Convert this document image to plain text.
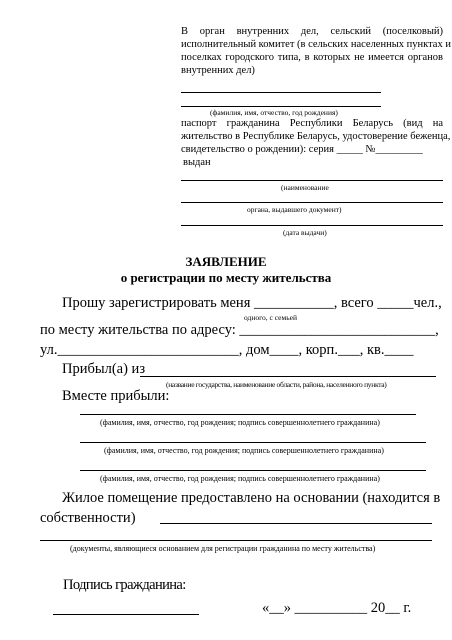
В орган внутренних дел, сельский (поселковый)
исполнительный комитет (в сельских населенных пунктах и
поселках городского типа, в которых не имеется органов
внутренних дел)
(фамилия, имя, отчество, год рождения)
паспорт гражданина Республики Беларусь (вид на
жительство в Республике Беларусь, удостоверение беженца,
свидетельство о рождении): серия _____ №_________
выдан
(наименование
органа, выдавшего документ)
(дата выдачи)
ЗАЯВЛЕНИЕ
о регистрации по месту жительства
Прошу зарегистрировать меня ___________, всего _____чел.,
одного, с семьей
по месту жительства по адресу: ___________________________,
ул._________________________, дом____, корп.___, кв.____
Прибыл(а) из
(название государства, наименование области, района, населенного пункта)
Вместе прибыли:
(фамилия, имя, отчество, год рождения; подпись совершеннолетнего гражданина)
(фамилия, имя, отчество, год рождения; подпись совершеннолетнего гражданина)
(фамилия, имя, отчество, год рождения; подпись совершеннолетнего гражданина)
Жилое помещение предоставлено на основании (находится в
собственности)
(документы, являющиеся основанием для регистрации гражданина по месту жительства)
Подпись гражданина:
«__» __________ 20__ г.
